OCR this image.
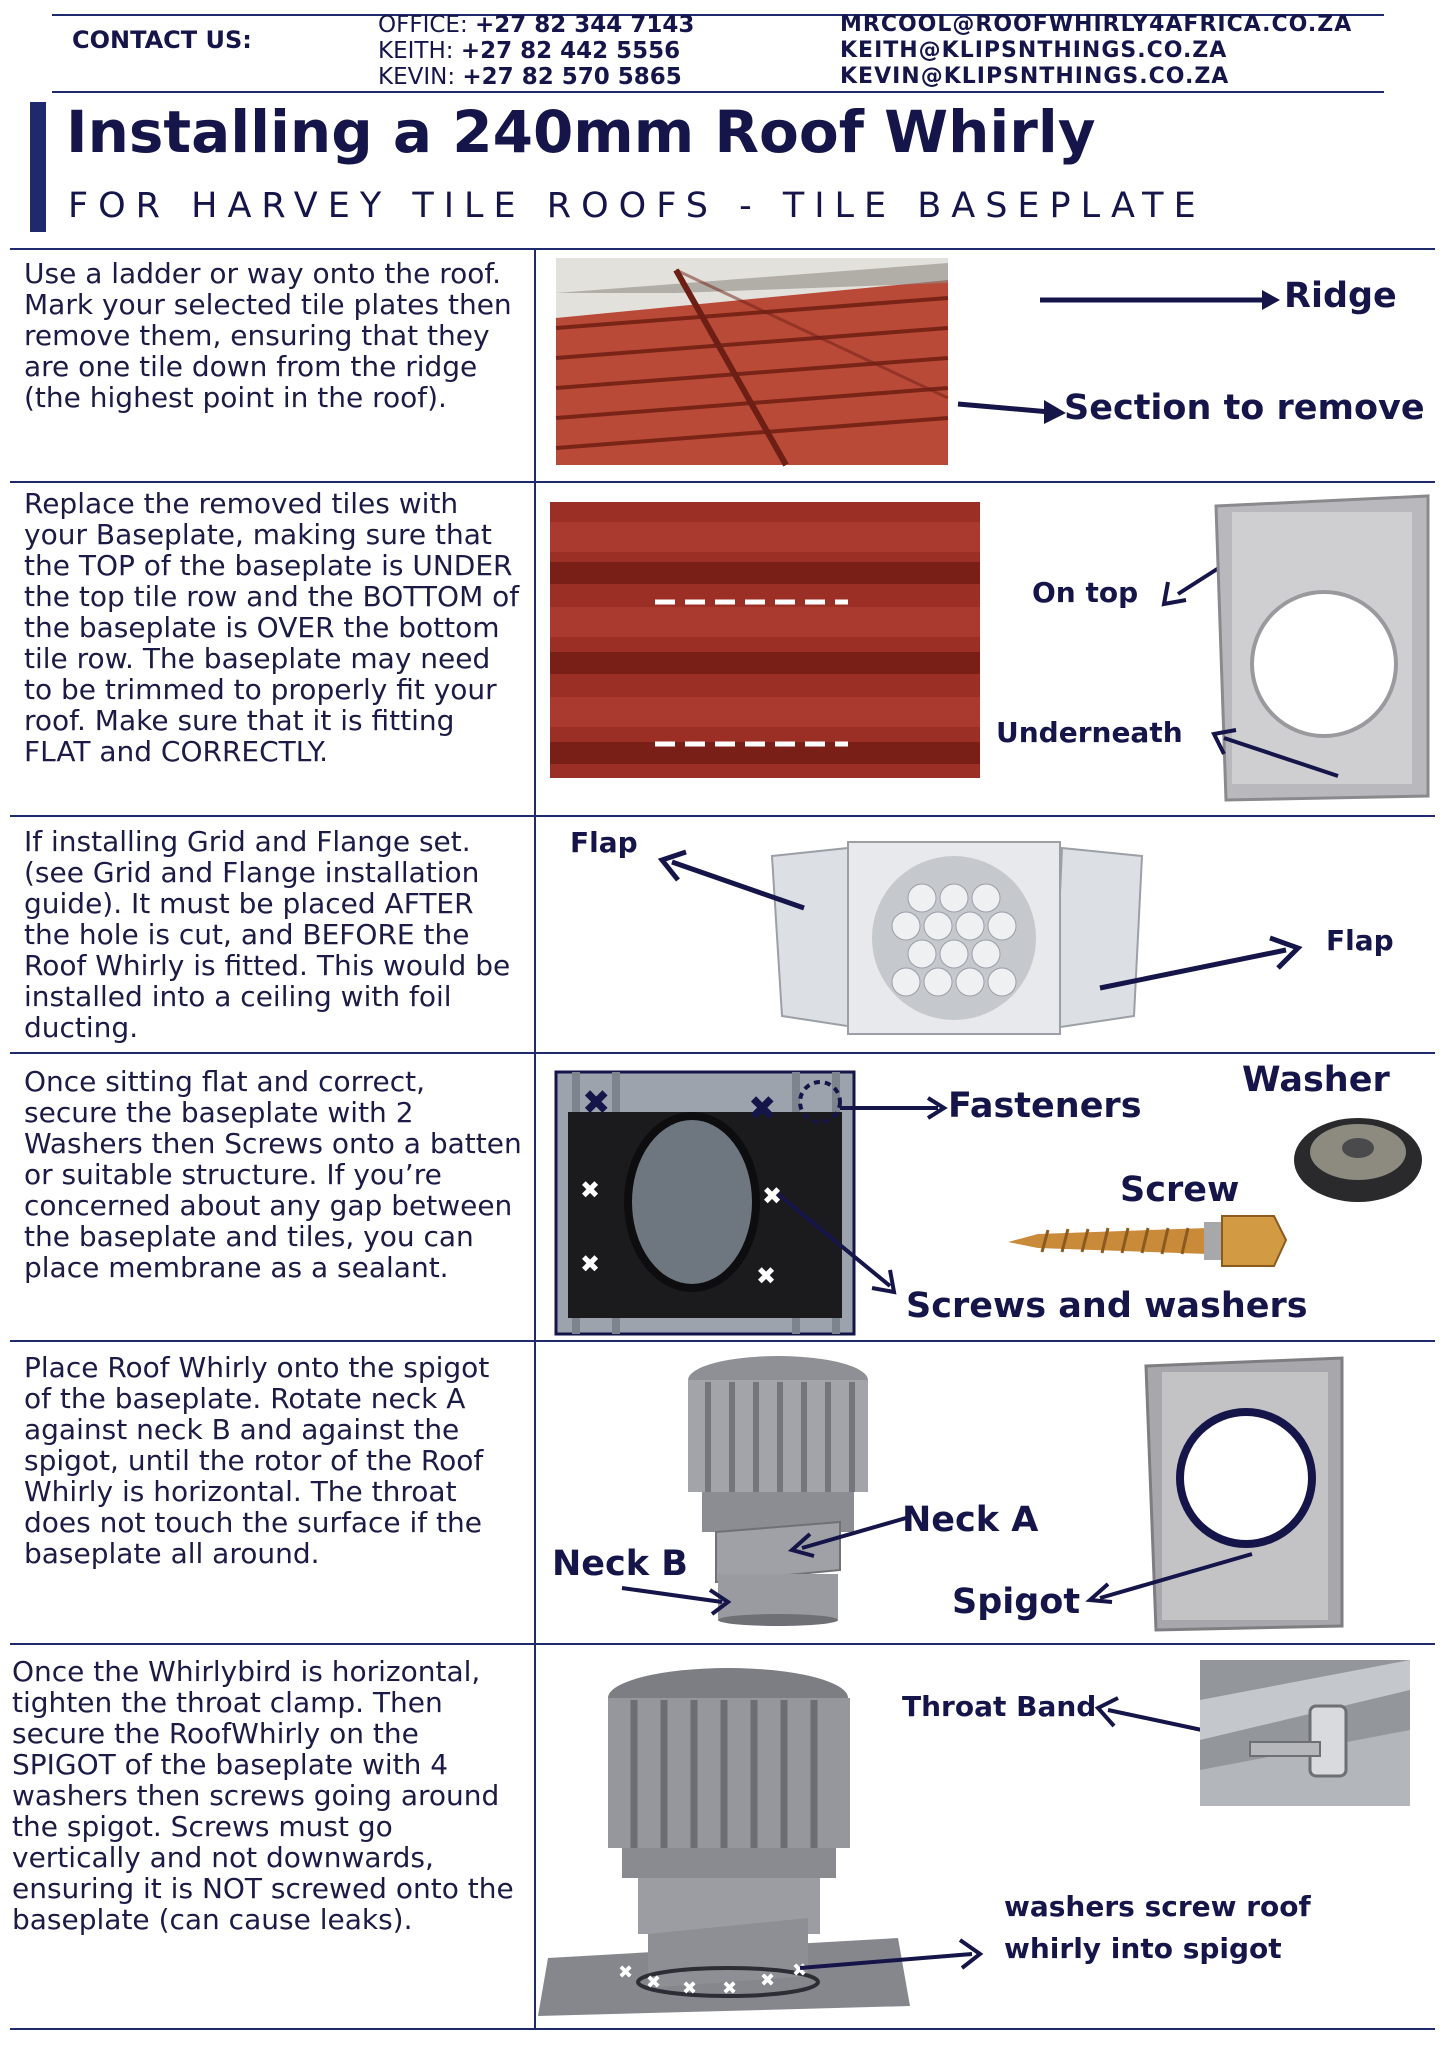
CONTACT US:
OFFICE: +27 82 344 7143
KEITH: +27 82 442 5556
KEVIN: +27 82 570 5865
MRCOOL@ROOFWHIRLY4AFRICA.CO.ZA
KEITH@KLIPSNTHINGS.CO.ZA
KEVIN@KLIPSNTHINGS.CO.ZA
Installing a 240mm Roof Whirly
FOR HARVEY TILE ROOFS - TILE BASEPLATE
Use a ladder or way onto the roof. Mark your selected tile plates then remove them, ensuring that they are one tile down from the ridge (the highest point in the roof).
Ridge
Section to remove
Replace the removed tiles with your Baseplate, making sure that the TOP of the baseplate is UNDER the top tile row and the BOTTOM of the baseplate is OVER the bottom tile row. The baseplate may need to be trimmed to properly fit your roof. Make sure that it is fitting FLAT and CORRECTLY.
On top
Underneath
If installing Grid and Flange set. (see Grid and Flange installation guide). It must be placed AFTER the hole is cut, and BEFORE the Roof Whirly is fitted. This would be installed into a ceiling with foil ducting.
Flap
Flap
Once sitting flat and correct, secure the baseplate with 2 Washers then Screws onto a batten or suitable structure. If you’re concerned about any gap between the baseplate and tiles, you can place membrane as a sealant.
✖	✖
✖
✖
✖
✖
Fasteners
Washer
Screw
Screws and washers
Place Roof Whirly onto the spigot of the baseplate. Rotate neck A against neck B and against the spigot, until the rotor of the Roof Whirly is horizontal. The throat does not touch the surface if the baseplate all around.
Neck A
Neck B
Spigot
Once the Whirlybird is horizontal, tighten the throat clamp. Then secure the RoofWhirly on the SPIGOT of the baseplate with 4 washers then screws going around the spigot. Screws must go vertically and not downwards, ensuring it is NOT screwed onto the baseplate (can cause leaks).
✖ ✖ ✖ ✖ ✖ ✖
Throat Band
washers screw roof
whirly into spigot
